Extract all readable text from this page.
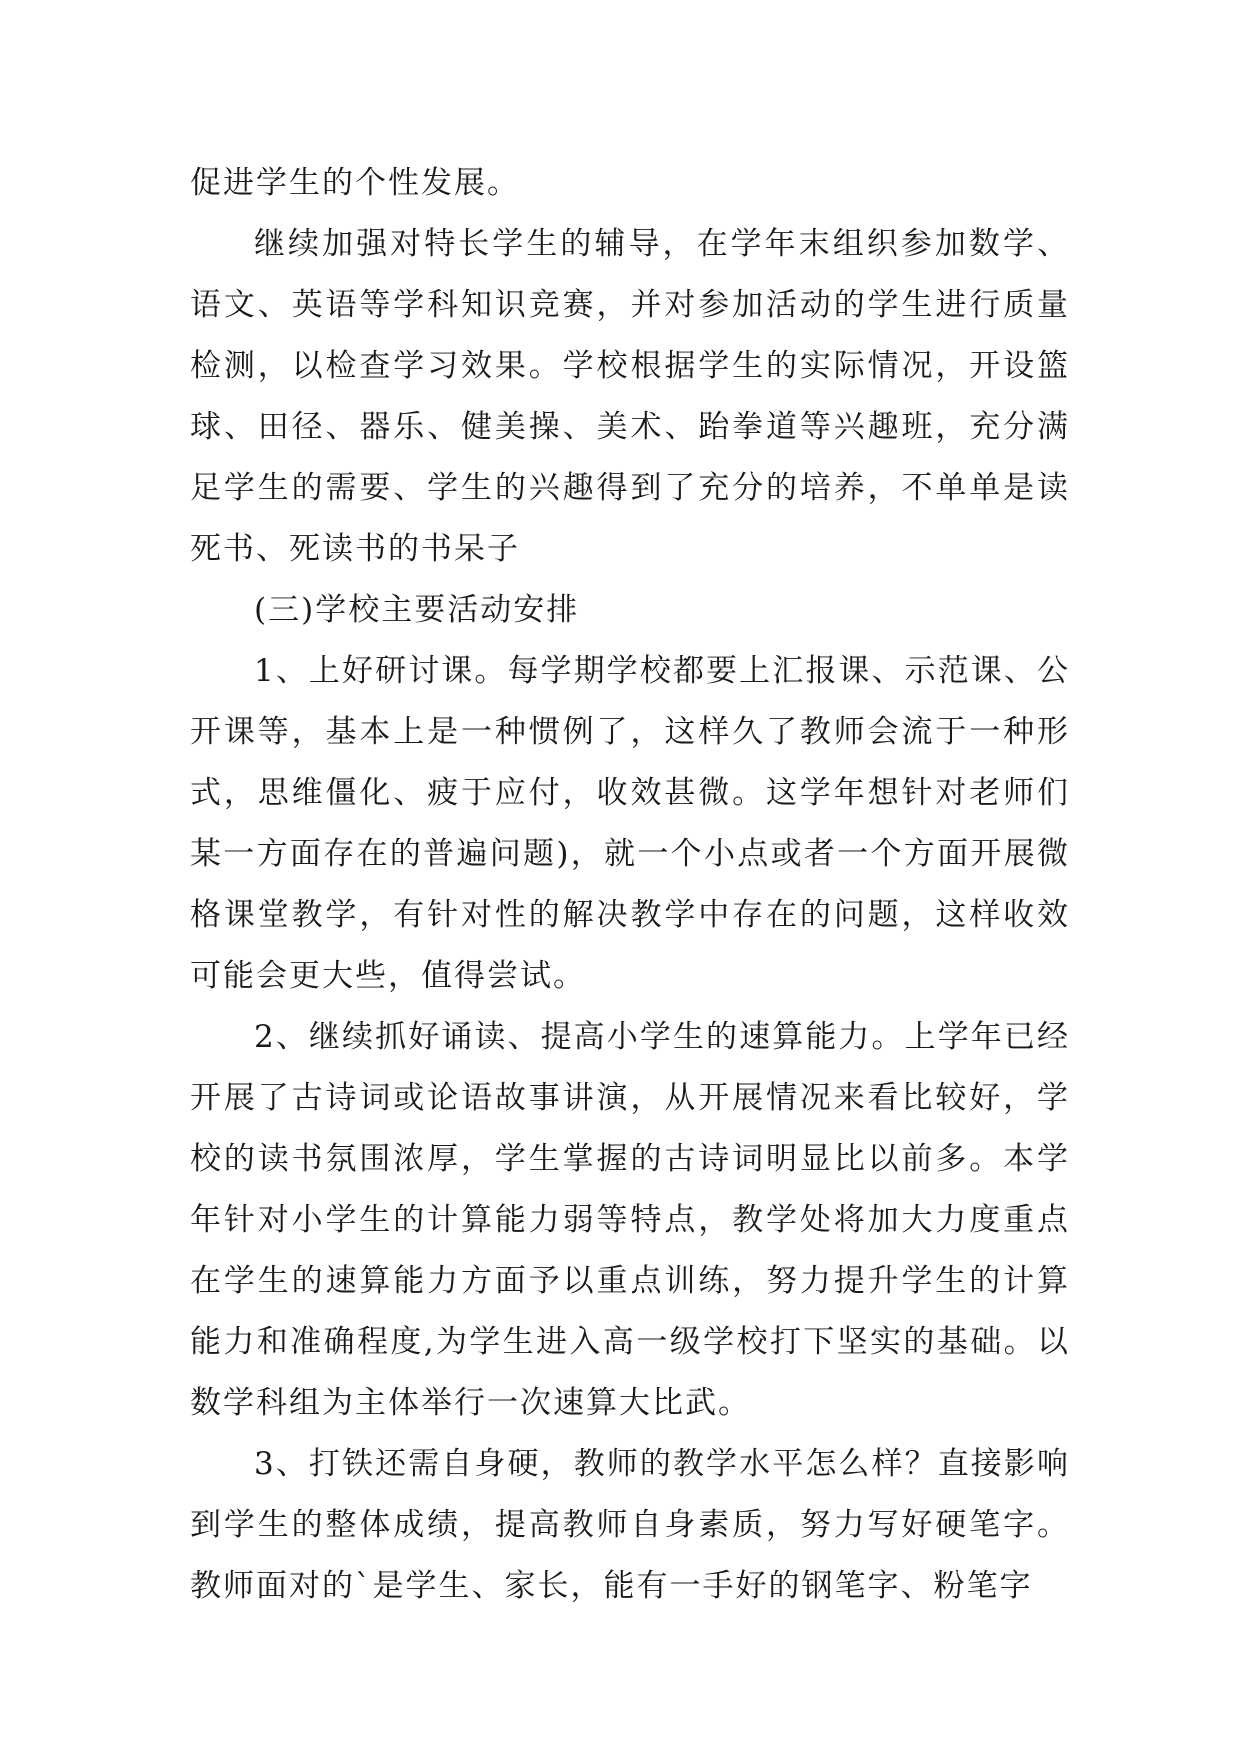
促进学生的个性发展。

继续加强对特长学生的辅导，在学年末组织参加数学、语文、英语等学科知识竞赛，并对参加活动的学生进行质量检测，以检查学习效果。学校根据学生的实际情况，开设篮球、田径、器乐、健美操、美术、跆拳道等兴趣班，充分满足学生的需要、学生的兴趣得到了充分的培养，不单单是读死书、死读书的书呆子

(三)学校主要活动安排

1、上好研讨课。每学期学校都要上汇报课、示范课、公开课等，基本上是一种惯例了，这样久了教师会流于一种形式，思维僵化、疲于应付，收效甚微。这学年想针对老师们某一方面存在的普遍问题)，就一个小点或者一个方面开展微格课堂教学，有针对性的解决教学中存在的问题，这样收效可能会更大些，值得尝试。

2、继续抓好诵读、提高小学生的速算能力。上学年已经开展了古诗词或论语故事讲演，从开展情况来看比较好，学校的读书氛围浓厚，学生掌握的古诗词明显比以前多。本学年针对小学生的计算能力弱等特点，教学处将加大力度重点在学生的速算能力方面予以重点训练，努力提升学生的计算能力和准确程度,为学生进入高一级学校打下坚实的基础。以数学科组为主体举行一次速算大比武。

3、打铁还需自身硬，教师的教学水平怎么样？直接影响到学生的整体成绩，提高教师自身素质，努力写好硬笔字。教师面对的`是学生、家长，能有一手好的钢笔字、粉笔字
